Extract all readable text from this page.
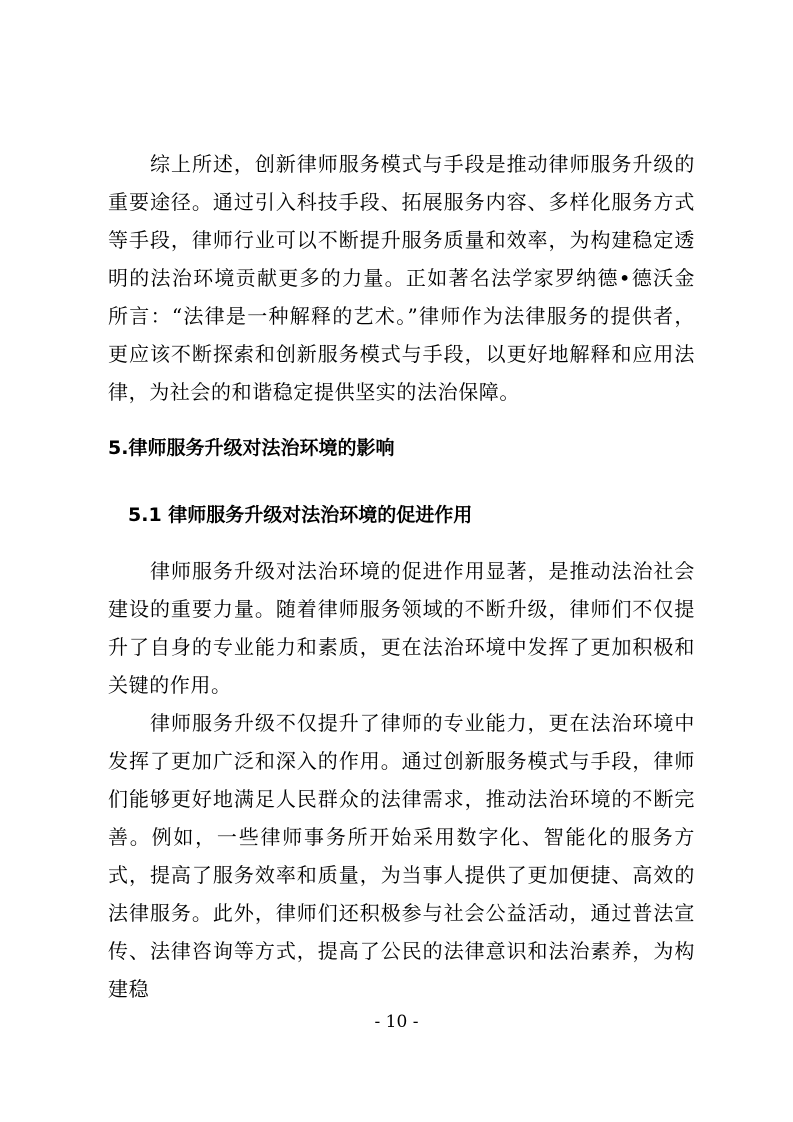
综上所述，创新律师服务模式与手段是推动律师服务升级的重要途径。通过引入科技手段、拓展服务内容、多样化服务方式等手段，律师行业可以不断提升服务质量和效率，为构建稳定透明的法治环境贡献更多的力量。正如著名法学家罗纳德•德沃金所言：“法律是一种解释的艺术。”律师作为法律服务的提供者，更应该不断探索和创新服务模式与手段，以更好地解释和应用法律，为社会的和谐稳定提供坚实的法治保障。

5.律师服务升级对法治环境的影响
5.1 律师服务升级对法治环境的促进作用

律师服务升级对法治环境的促进作用显著，是推动法治社会建设的重要力量。随着律师服务领域的不断升级，律师们不仅提升了自身的专业能力和素质，更在法治环境中发挥了更加积极和关键的作用。

律师服务升级不仅提升了律师的专业能力，更在法治环境中发挥了更加广泛和深入的作用。通过创新服务模式与手段，律师们能够更好地满足人民群众的法律需求，推动法治环境的不断完善。例如，一些律师事务所开始采用数字化、智能化的服务方式，提高了服务效率和质量，为当事人提供了更加便捷、高效的法律服务。此外，律师们还积极参与社会公益活动，通过普法宣传、法律咨询等方式，提高了公民的法律意识和法治素养，为构建稳

- 10 -
